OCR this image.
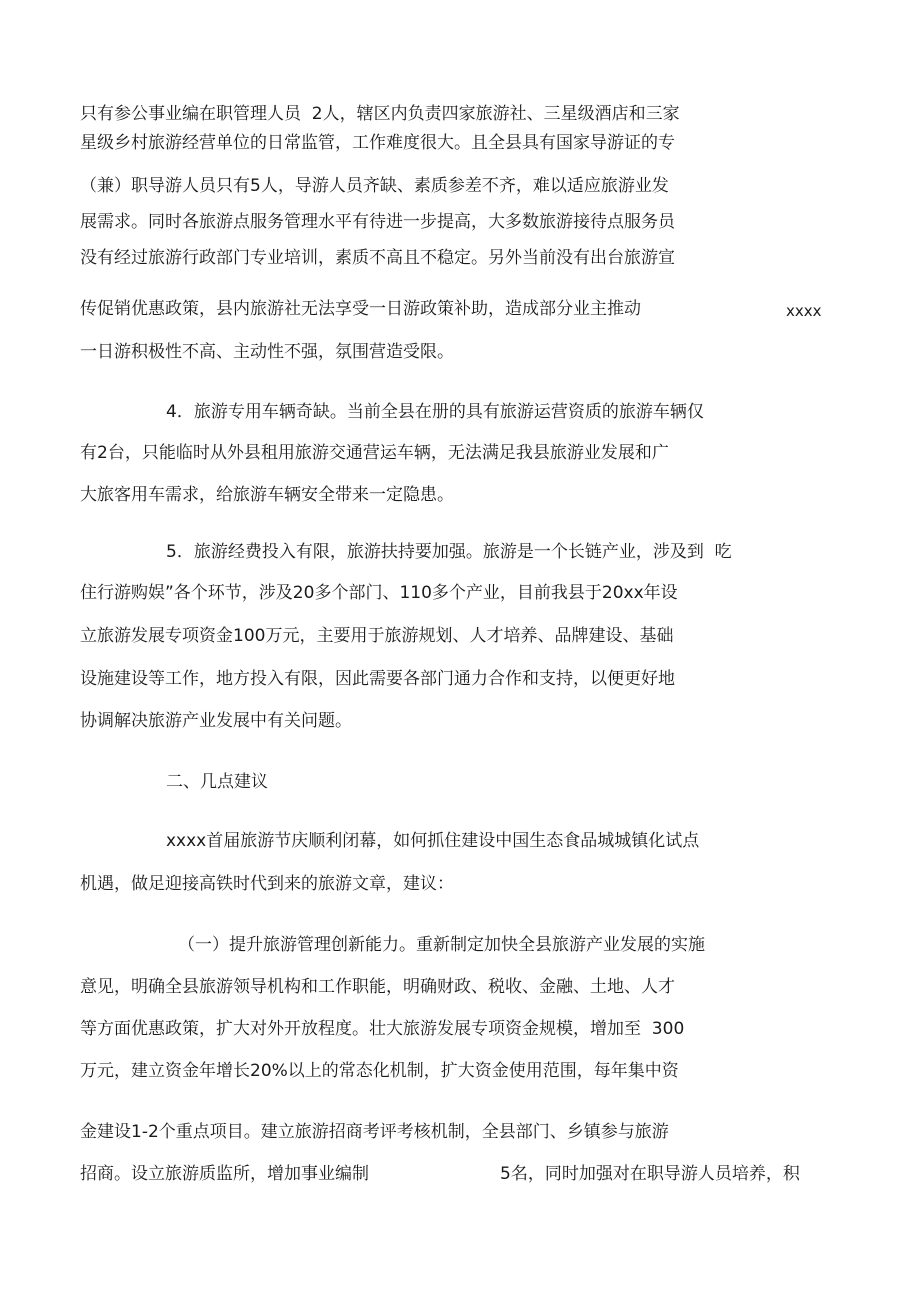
只有参公事业编在职管理人员  2人，辖区内负责四家旅游社、三星级酒店和三家
星级乡村旅游经营单位的日常监管，工作难度很大。且全县具有国家导游证的专
（兼）职导游人员只有5人，导游人员齐缺、素质参差不齐，难以适应旅游业发
展需求。同时各旅游点服务管理水平有待进一步提高，大多数旅游接待点服务员
没有经过旅游行政部门专业培训，素质不高且不稳定。另外当前没有出台旅游宣
传促销优惠政策，县内旅游社无法享受一日游政策补助，造成部分业主推动	xxxx
一日游积极性不高、主动性不强，氛围营造受限。
4．旅游专用车辆奇缺。当前全县在册的具有旅游运营资质的旅游车辆仅
有2台，只能临时从外县租用旅游交通营运车辆，无法满足我县旅游业发展和广
大旅客用车需求，给旅游车辆安全带来一定隐患。
5．旅游经费投入有限，旅游扶持要加强。旅游是一个长链产业，涉及到  吃
住行游购娱”各个环节，涉及20多个部门、110多个产业，目前我县于20xx年设
立旅游发展专项资金100万元，主要用于旅游规划、人才培养、品牌建设、基础
设施建设等工作，地方投入有限，因此需要各部门通力合作和支持，以便更好地
协调解决旅游产业发展中有关问题。
二、几点建议
xxxx首届旅游节庆顺利闭幕，如何抓住建设中国生态食品城城镇化试点
机遇，做足迎接高铁时代到来的旅游文章，建议：
（一）提升旅游管理创新能力。重新制定加快全县旅游产业发展的实施
意见，明确全县旅游领导机构和工作职能，明确财政、税收、金融、土地、人才
等方面优惠政策，扩大对外开放程度。壮大旅游发展专项资金规模，增加至  300
万元，建立资金年增长20%以上的常态化机制，扩大资金使用范围，每年集中资
金建设1-2个重点项目。建立旅游招商考评考核机制，全县部门、乡镇参与旅游
招商。设立旅游质监所，增加事业编制	5名，同时加强对在职导游人员培养，积
